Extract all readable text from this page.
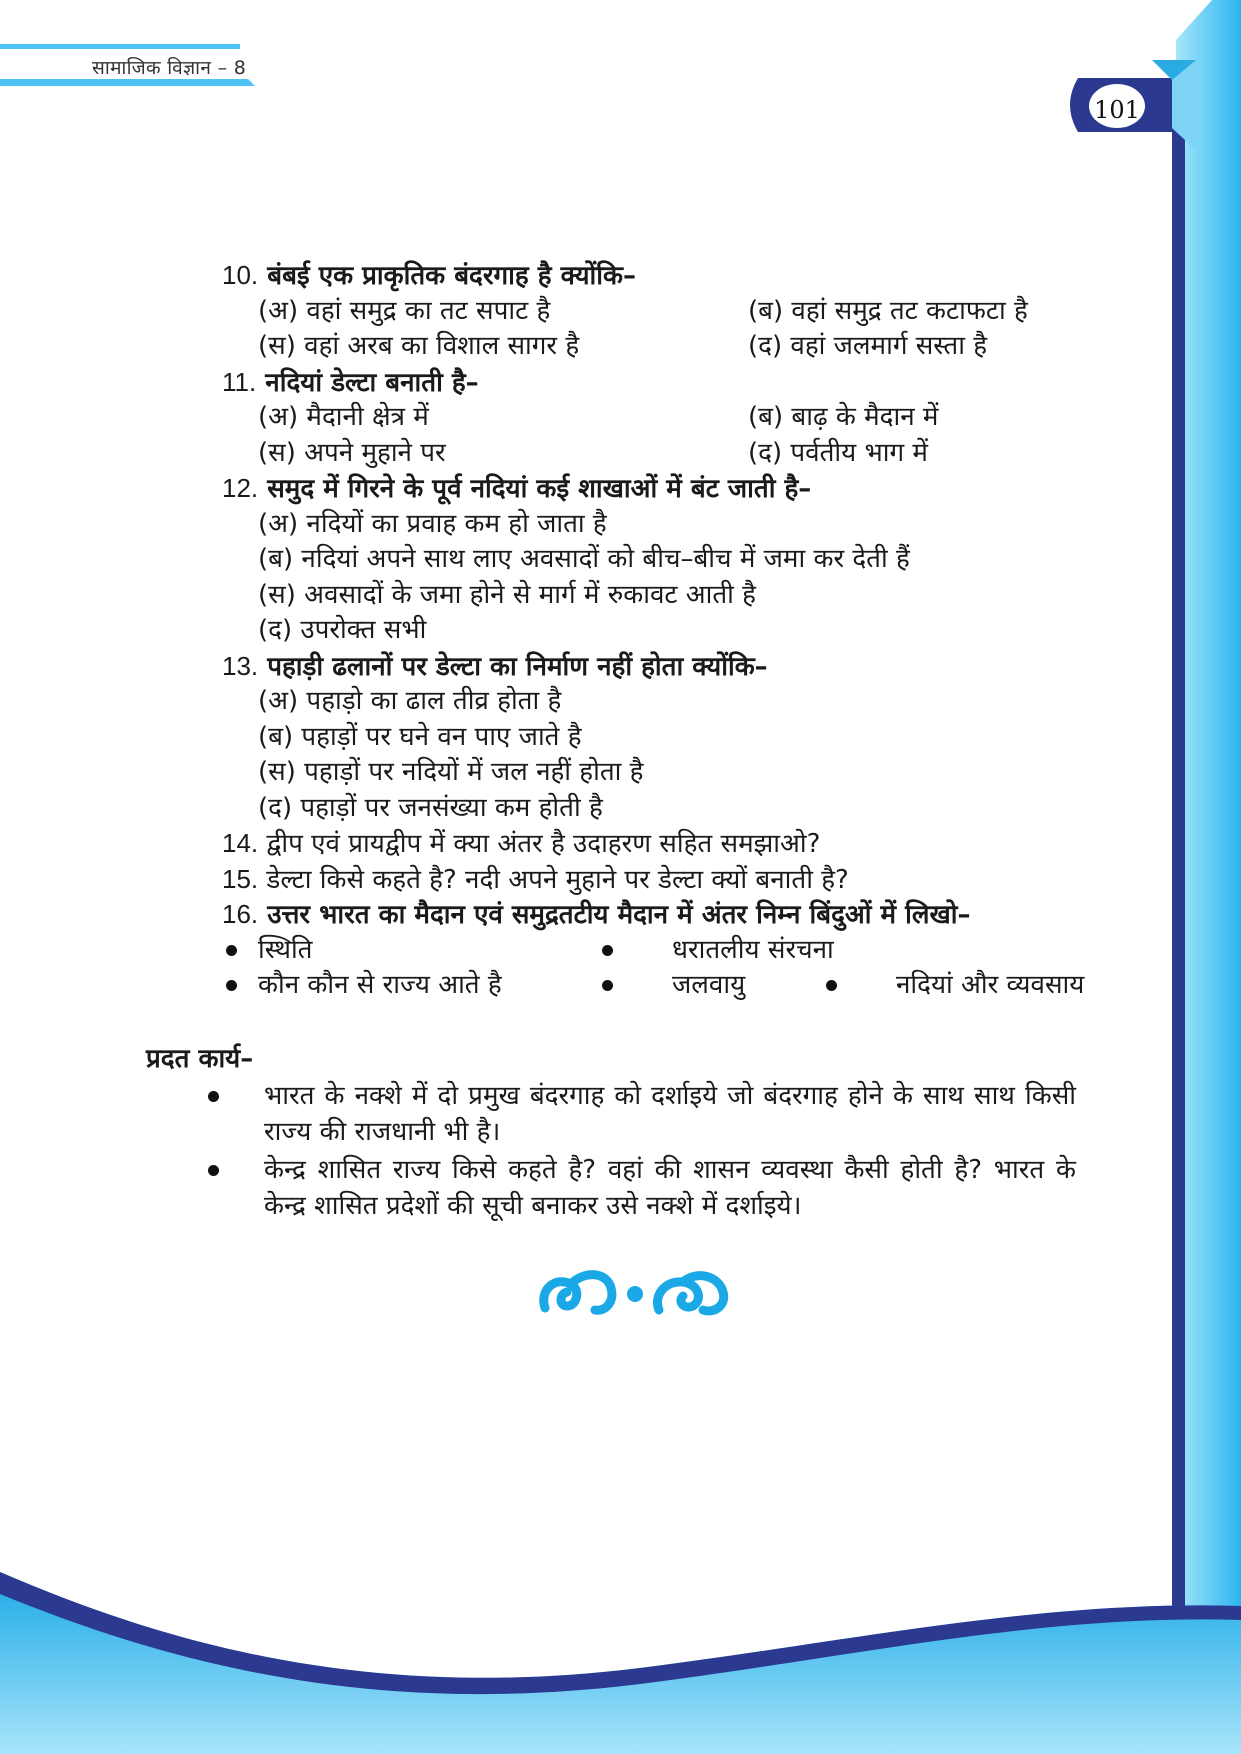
सामाजिक विज्ञान – 8
101
10. बंबई एक प्राकृतिक बंदरगाह है क्योंकि–
(अ) वहां समुद्र का तट सपाट है	(ब) वहां समुद्र तट कटाफटा है
(स) वहां अरब का विशाल सागर है	(द) वहां जलमार्ग सस्ता है
11. नदियां डेल्टा बनाती है–
(अ) मैदानी क्षेत्र में	(ब) बाढ़ के मैदान में
(स) अपने मुहाने पर	(द) पर्वतीय भाग में
12. समुद में गिरने के पूर्व नदियां कई शाखाओं में बंट जाती है–
(अ) नदियों का प्रवाह कम हो जाता है
(ब) नदियां अपने साथ लाए अवसादों को बीच–बीच में जमा कर देती हैं
(स) अवसादों के जमा होने से मार्ग में रुकावट आती है
(द) उपरोक्त सभी
13. पहाड़ी ढलानों पर डेल्टा का निर्माण नहीं होता क्योंकि–
(अ) पहाड़ो का ढाल तीव्र होता है
(ब) पहाड़ों पर घने वन पाए जाते है
(स) पहाड़ों पर नदियों में जल नहीं होता है
(द) पहाड़ों पर जनसंख्या कम होती है
14. द्वीप एवं प्रायद्वीप में क्या अंतर है उदाहरण सहित समझाओ?
15. डेल्टा किसे कहते है? नदी अपने मुहाने पर डेल्टा क्यों बनाती है?
16. उत्तर भारत का मैदान एवं समुद्रतटीय मैदान में अंतर निम्न बिंदुओं में लिखो–
स्थिति	धरातलीय संरचना
कौन कौन से राज्य आते है	जलवायु	नदियां और व्यवसाय
प्रदत कार्य–
भारत के नक्शे में दो प्रमुख बंदरगाह को दर्शाइये जो बंदरगाह होने के साथ साथ किसी राज्य की राजधानी भी है।
केन्द्र शासित राज्य किसे कहते है? वहां की शासन व्यवस्था कैसी होती है? भारत के केन्द्र शासित प्रदेशों की सूची बनाकर उसे नक्शे में दर्शाइये।
